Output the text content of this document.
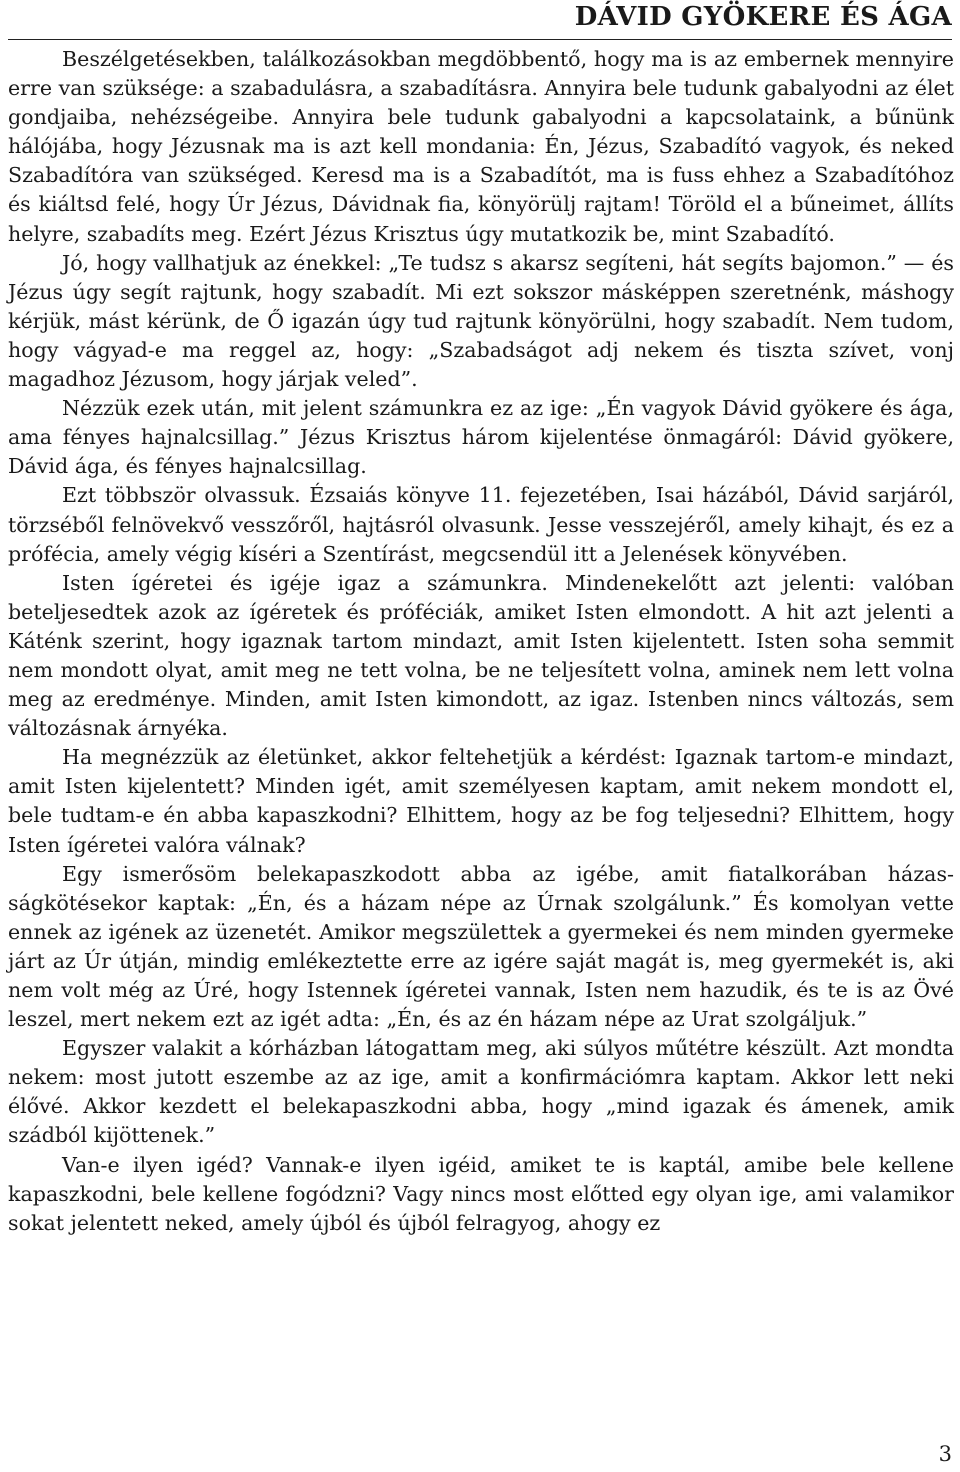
DÁVID GYÖKERE ÉS ÁGA

Beszélgetésekben, találkozásokban megdöbbentő, hogy ma is az embernek mennyire erre van szüksége: a szabadulásra, a szabadításra. Annyira bele tudunk gabalyodni az élet gondjaiba, nehézségeibe. Annyira bele tudunk gabalyodni a kapcsolataink, a bűnünk hálójába, hogy Jézusnak ma is azt kell mondania: Én, Jézus, Szabadító vagyok, és neked Szabadítóra van szükséged. Keresd ma is a Szabadítót, ma is fuss ehhez a Szabadítóhoz és kiáltsd felé, hogy Úr Jézus, Dávidnak fia, könyörülj rajtam! Töröld el a bűneimet, állíts helyre, szabadíts meg. Ezért Jézus Krisztus úgy mutatkozik be, mint Szabadító.

Jó, hogy vallhatjuk az énekkel: „Te tudsz s akarsz segíteni, hát segíts bajomon.” — és Jézus úgy segít rajtunk, hogy szabadít. Mi ezt sokszor másképpen szeretnénk, máshogy kérjük, mást kérünk, de Ő igazán úgy tud rajtunk könyörülni, hogy szabadít. Nem tudom, hogy vágyad-e ma reggel az, hogy: „Szabadságot adj nekem és tiszta szívet, vonj magadhoz Jézusom, hogy járjak veled”.

Nézzük ezek után, mit jelent számunkra ez az ige: „Én vagyok Dávid gyökere és ága, ama fényes hajnalcsillag.” Jézus Krisztus három kijelentése önmagáról: Dávid gyökere, Dávid ága, és fényes hajnalcsillag.

Ezt többször olvassuk. Ézsaiás könyve 11. fejezetében, Isai házából, Dávid sarjáról, törzséből felnövekvő vesszőről, hajtásról olvasunk. Jesse vesszejéről, amely kihajt, és ez a prófécia, amely végig kíséri a Szentírást, megcsendül itt a Jelenések könyvében.

Isten ígéretei és igéje igaz a számunkra. Mindenekelőtt azt jelenti: valóban beteljesedtek azok az ígéretek és próféciák, amiket Isten elmondott. A hit azt jelenti a Káténk szerint, hogy igaznak tartom mindazt, amit Isten kijelentett. Isten soha semmit nem mondott olyat, amit meg ne tett volna, be ne teljesített volna, aminek nem lett volna meg az eredménye. Minden, amit Isten kimondott, az igaz. Istenben nincs változás, sem változásnak árnyéka.

Ha megnézzük az életünket, akkor feltehetjük a kérdést: Igaznak tartom-e mindazt, amit Isten kijelentett? Minden igét, amit személyesen kaptam, amit nekem mondott el, bele tudtam-e én abba kapaszkodni? Elhittem, hogy az be fog teljesedni? Elhittem, hogy Isten ígéretei valóra válnak?

Egy ismerősöm belekapaszkodott abba az igébe, amit fiatalkorában házasságkötésekor kaptak: „Én, és a házam népe az Úrnak szolgálunk.” És komolyan vette ennek az igének az üzenetét. Amikor megszülettek a gyermekei és nem minden gyermeke járt az Úr útján, mindig emlékeztette erre az igére saját magát is, meg gyermekét is, aki nem volt még az Úré, hogy Istennek ígéretei vannak, Isten nem hazudik, és te is az Övé leszel, mert nekem ezt az igét adta: „Én, és az én házam népe az Urat szolgáljuk.”

Egyszer valakit a kórházban látogattam meg, aki súlyos műtétre készült. Azt mondta nekem: most jutott eszembe az az ige, amit a konfirmációmra kaptam. Akkor lett neki élővé. Akkor kezdett el belekapaszkodni abba, hogy „mind igazak és ámenek, amik szádból kijöttenek.”

Van-e ilyen igéd? Vannak-e ilyen igéid, amiket te is kaptál, amibe bele kellene kapaszkodni, bele kellene fogódzni? Vagy nincs most előtted egy olyan ige, ami valamikor sokat jelentett neked, amely újból és újból felragyog, ahogy ez

3
